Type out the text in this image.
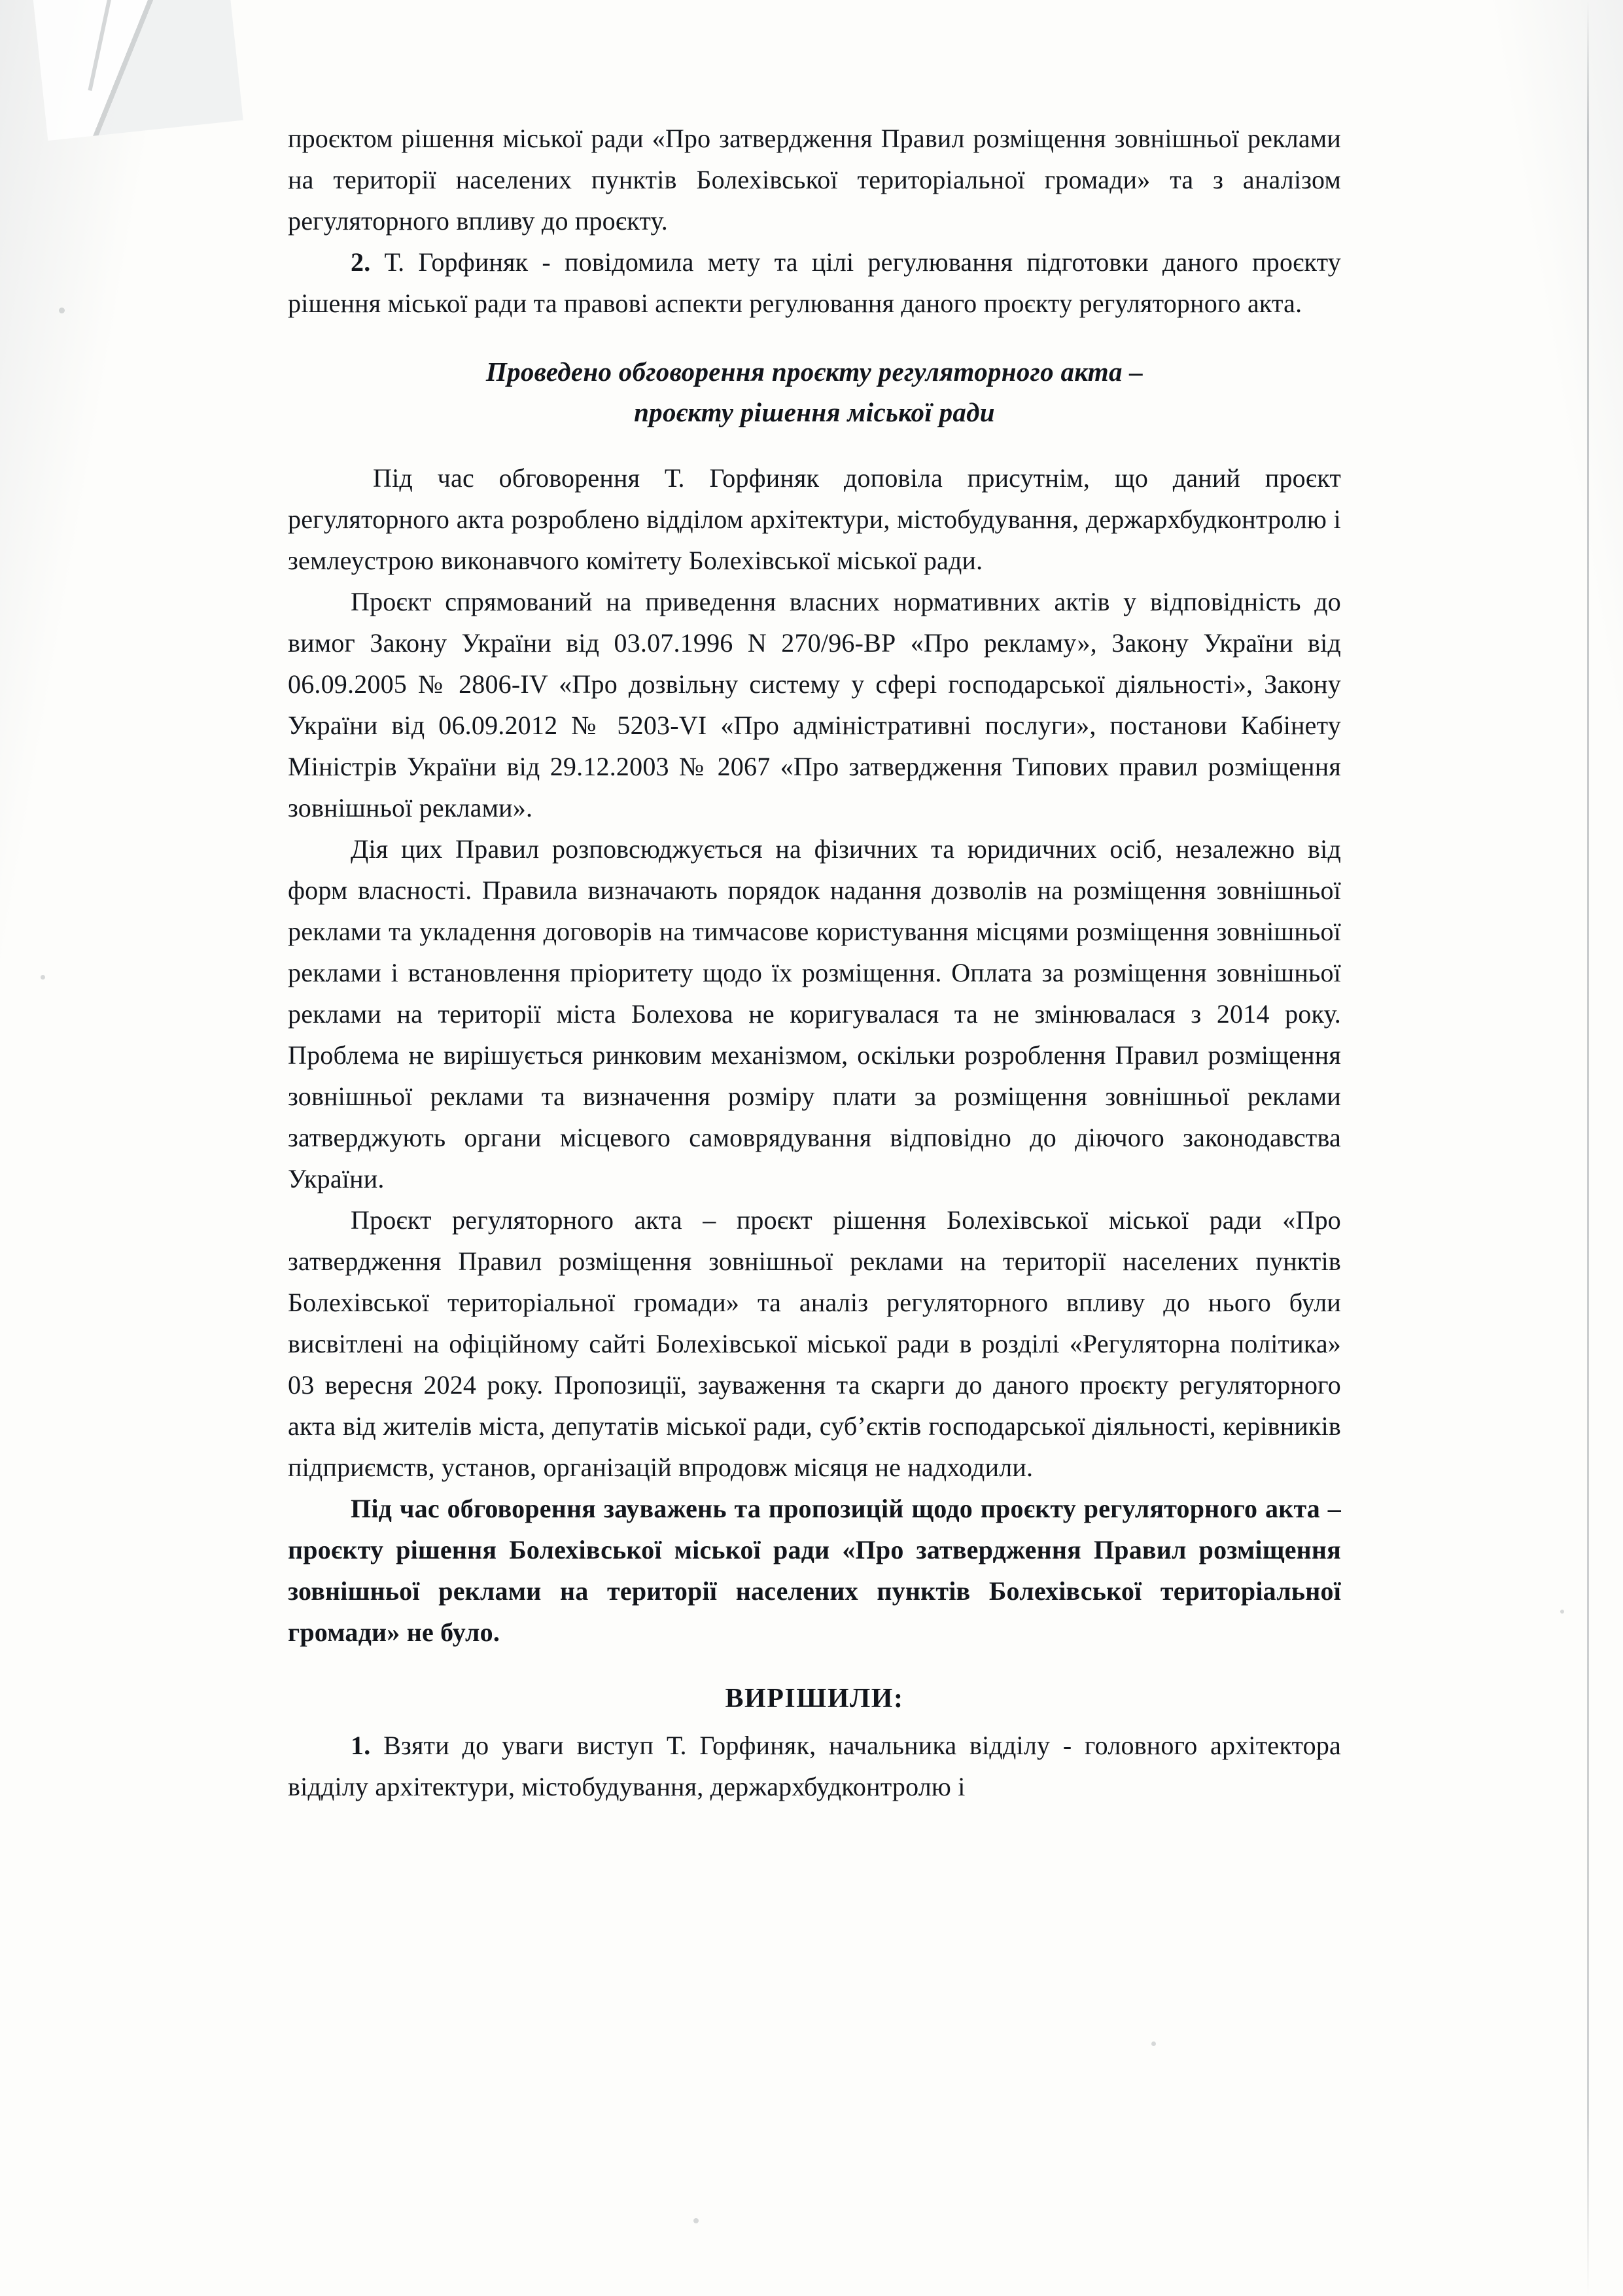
проєктом рішення міської ради «Про затвердження Правил розміщення зовнішньої реклами на території населених пунктів Болехівської територіальної громади» та з аналізом регуляторного впливу до проєкту.

2. Т. Горфиняк - повідомила мету та цілі регулювання підготовки даного проєкту рішення міської ради та правові аспекти регулювання даного проєкту регуляторного акта.

Проведено обговорення проєкту регуляторного акта –
проєкту рішення міської ради

Під час обговорення Т. Горфиняк доповіла присутнім, що даний проєкт регуляторного акта розроблено відділом архітектури, містобудування, держархбудконтролю і землеустрою виконавчого комітету Болехівської міської ради.

Проєкт спрямований на приведення власних нормативних актів у відповідність до вимог Закону України від 03.07.1996 N 270/96-ВР «Про рекламу», Закону України від 06.09.2005 № 2806-IV «Про дозвільну систему у сфері господарської діяльності», Закону України від 06.09.2012 № 5203-VI «Про адміністративні послуги», постанови Кабінету Міністрів України від 29.12.2003 № 2067 «Про затвердження Типових правил розміщення зовнішньої реклами».

Дія цих Правил розповсюджується на фізичних та юридичних осіб, незалежно від форм власності. Правила визначають порядок надання дозволів на розміщення зовнішньої реклами та укладення договорів на тимчасове користування місцями розміщення зовнішньої реклами і встановлення пріоритету щодо їх розміщення. Оплата за розміщення зовнішньої реклами на території міста Болехова не коригувалася та не змінювалася з 2014 року. Проблема не вирішується ринковим механізмом, оскільки розроблення Правил розміщення зовнішньої реклами та визначення розміру плати за розміщення зовнішньої реклами затверджують органи місцевого самоврядування відповідно до діючого законодавства України.

Проєкт регуляторного акта – проєкт рішення Болехівської міської ради «Про затвердження Правил розміщення зовнішньої реклами на території населених пунктів Болехівської територіальної громади» та аналіз регуляторного впливу до нього були висвітлені на офіційному сайті Болехівської міської ради в розділі «Регуляторна політика» 03 вересня 2024 року. Пропозиції, зауваження та скарги до даного проєкту регуляторного акта від жителів міста, депутатів міської ради, суб’єктів господарської діяльності, керівників підприємств, установ, організацій впродовж місяця не надходили.

Під час обговорення зауважень та пропозицій щодо проєкту регуляторного акта – проєкту рішення Болехівської міської ради «Про затвердження Правил розміщення зовнішньої реклами на території населених пунктів Болехівської територіальної громади» не було.

ВИРІШИЛИ:

1. Взяти до уваги виступ Т. Горфиняк, начальника відділу - головного архітектора відділу архітектури, містобудування, держархбудконтролю і
